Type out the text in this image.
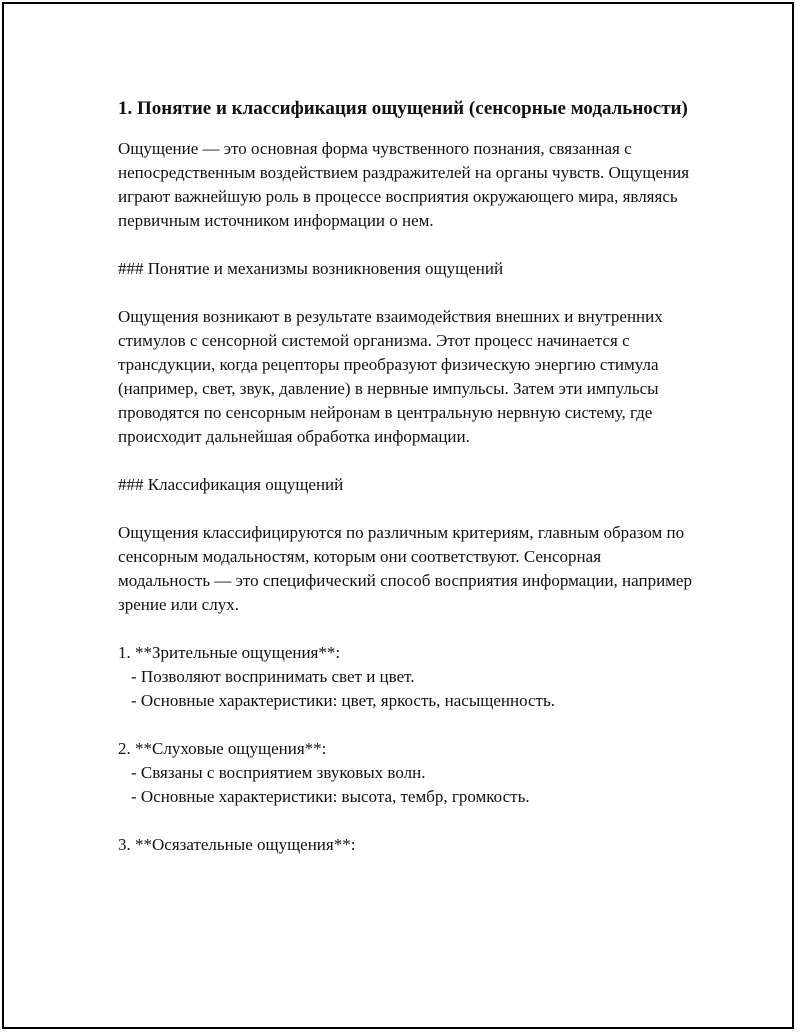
1. Понятие и классификация ощущений (сенсорные модальности)
Ощущение — это основная форма чувственного познания, связанная с непосредственным воздействием раздражителей на органы чувств. Ощущения играют важнейшую роль в процессе восприятия окружающего мира, являясь первичным источником информации о нем.
### Понятие и механизмы возникновения ощущений
Ощущения возникают в результате взаимодействия внешних и внутренних стимулов с сенсорной системой организма. Этот процесс начинается с трансдукции, когда рецепторы преобразуют физическую энергию стимула (например, свет, звук, давление) в нервные импульсы. Затем эти импульсы проводятся по сенсорным нейронам в центральную нервную систему, где происходит дальнейшая обработка информации.
### Классификация ощущений
Ощущения классифицируются по различным критериям, главным образом по сенсорным модальностям, которым они соответствуют. Сенсорная модальность — это специфический способ восприятия информации, например зрение или слух.
1. **Зрительные ощущения**:
- Позволяют воспринимать свет и цвет.
- Основные характеристики: цвет, яркость, насыщенность.
2. **Слуховые ощущения**:
- Связаны с восприятием звуковых волн.
- Основные характеристики: высота, тембр, громкость.
3. **Осязательные ощущения**:
